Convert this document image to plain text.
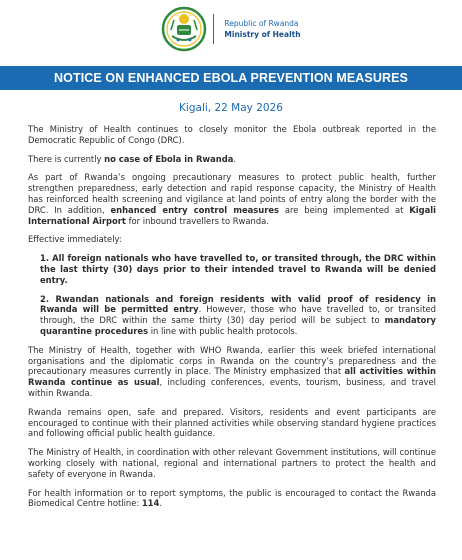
Republic of Rwanda
Ministry of Health
NOTICE ON ENHANCED EBOLA PREVENTION MEASURES
Kigali, 22 May 2026

The Ministry of Health continues to closely monitor the Ebola outbreak reported in the Democratic Republic of Congo (DRC).

There is currently no case of Ebola in Rwanda.

As part of Rwanda’s ongoing precautionary measures to protect public health, further strengthen preparedness, early detection and rapid response capacity, the Ministry of Health has reinforced health screening and vigilance at land points of entry along the border with the DRC. In addition, enhanced entry control measures are being implemented at Kigali International Airport for inbound travellers to Rwanda.

Effective immediately:

1. All foreign nationals who have travelled to, or transited through, the DRC within the last thirty (30) days prior to their intended travel to Rwanda will be denied entry.

2. Rwandan nationals and foreign residents with valid proof of residency in Rwanda will be permitted entry. However, those who have travelled to, or transited through, the DRC within the same thirty (30) day period will be subject to mandatory quarantine procedures in line with public health protocols.

The Ministry of Health, together with WHO Rwanda, earlier this week briefed international organisations and the diplomatic corps in Rwanda on the country’s preparedness and the precautionary measures currently in place. The Ministry emphasized that all activities within Rwanda continue as usual, including conferences, events, tourism, business, and travel within Rwanda.

Rwanda remains open, safe and prepared. Visitors, residents and event participants are encouraged to continue with their planned activities while observing standard hygiene practices and following official public health guidance.

The Ministry of Health, in coordination with other relevant Government institutions, will continue working closely with national, regional and international partners to protect the health and safety of everyone in Rwanda.

For health information or to report symptoms, the public is encouraged to contact the Rwanda Biomedical Centre hotline: 114.
